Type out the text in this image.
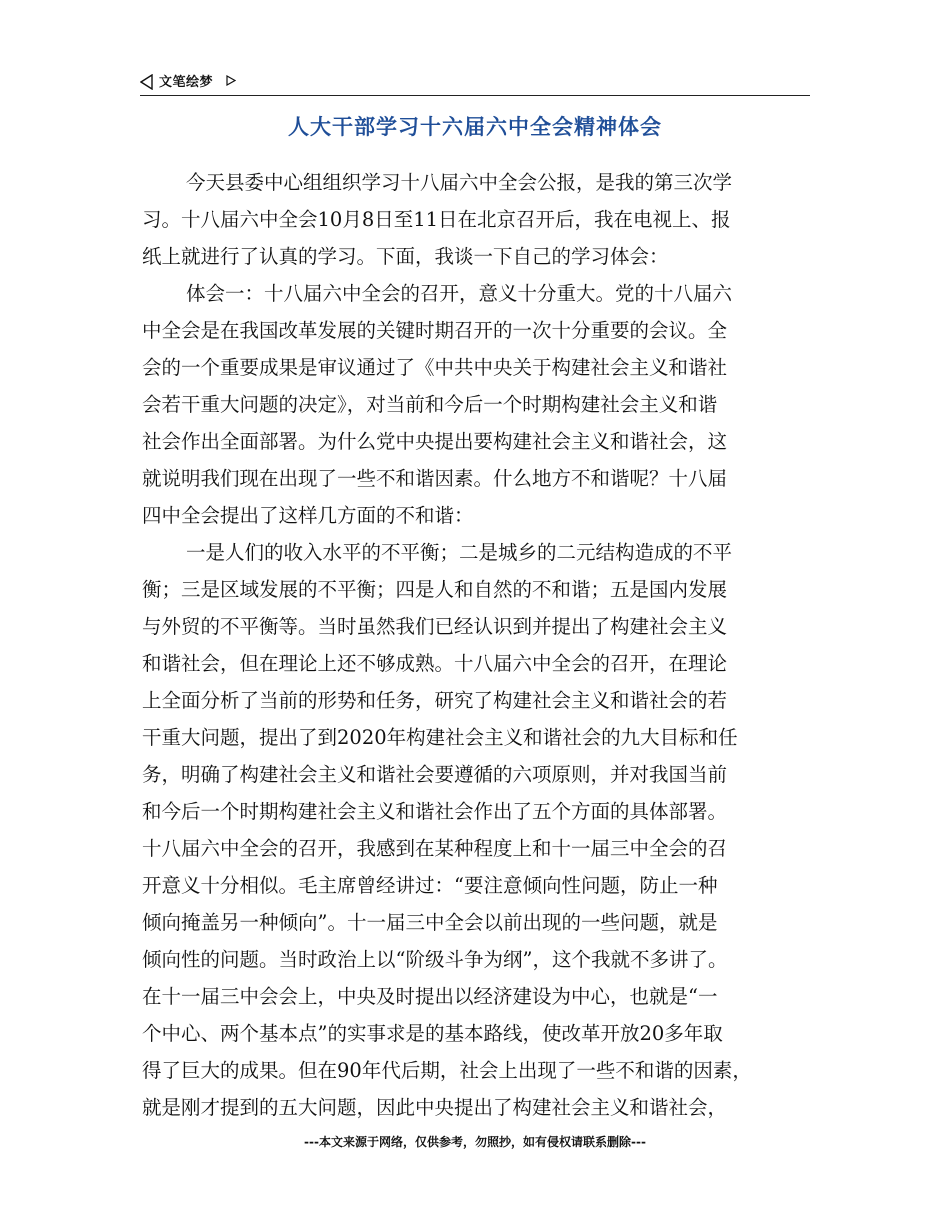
文笔绘梦
人大干部学习十六届六中全会精神体会
今天县委中心组组织学习十八届六中全会公报，是我的第三次学
习。十八届六中全会10月8日至11日在北京召开后，我在电视上、报
纸上就进行了认真的学习。下面，我谈一下自己的学习体会：
体会一：十八届六中全会的召开，意义十分重大。党的十八届六
中全会是在我国改革发展的关键时期召开的一次十分重要的会议。全
会的一个重要成果是审议通过了《中共中央关于构建社会主义和谐社
会若干重大问题的决定》，对当前和今后一个时期构建社会主义和谐
社会作出全面部署。为什么党中央提出要构建社会主义和谐社会，这
就说明我们现在出现了一些不和谐因素。什么地方不和谐呢？十八届
四中全会提出了这样几方面的不和谐：
一是人们的收入水平的不平衡；二是城乡的二元结构造成的不平
衡；三是区域发展的不平衡；四是人和自然的不和谐；五是国内发展
与外贸的不平衡等。当时虽然我们已经认识到并提出了构建社会主义
和谐社会，但在理论上还不够成熟。十八届六中全会的召开，在理论
上全面分析了当前的形势和任务，研究了构建社会主义和谐社会的若
干重大问题，提出了到2020年构建社会主义和谐社会的九大目标和任
务，明确了构建社会主义和谐社会要遵循的六项原则，并对我国当前
和今后一个时期构建社会主义和谐社会作出了五个方面的具体部署。
十八届六中全会的召开，我感到在某种程度上和十一届三中全会的召
开意义十分相似。毛主席曾经讲过：“要注意倾向性问题，防止一种
倾向掩盖另一种倾向”。十一届三中全会以前出现的一些问题，就是
倾向性的问题。当时政治上以“阶级斗争为纲”，这个我就不多讲了。
在十一届三中会会上，中央及时提出以经济建设为中心，也就是“一
个中心、两个基本点”的实事求是的基本路线，使改革开放20多年取
得了巨大的成果。但在90年代后期，社会上出现了一些不和谐的因素，
就是刚才提到的五大问题，因此中央提出了构建社会主义和谐社会，
---本文来源于网络，仅供参考，勿照抄，如有侵权请联系删除---
